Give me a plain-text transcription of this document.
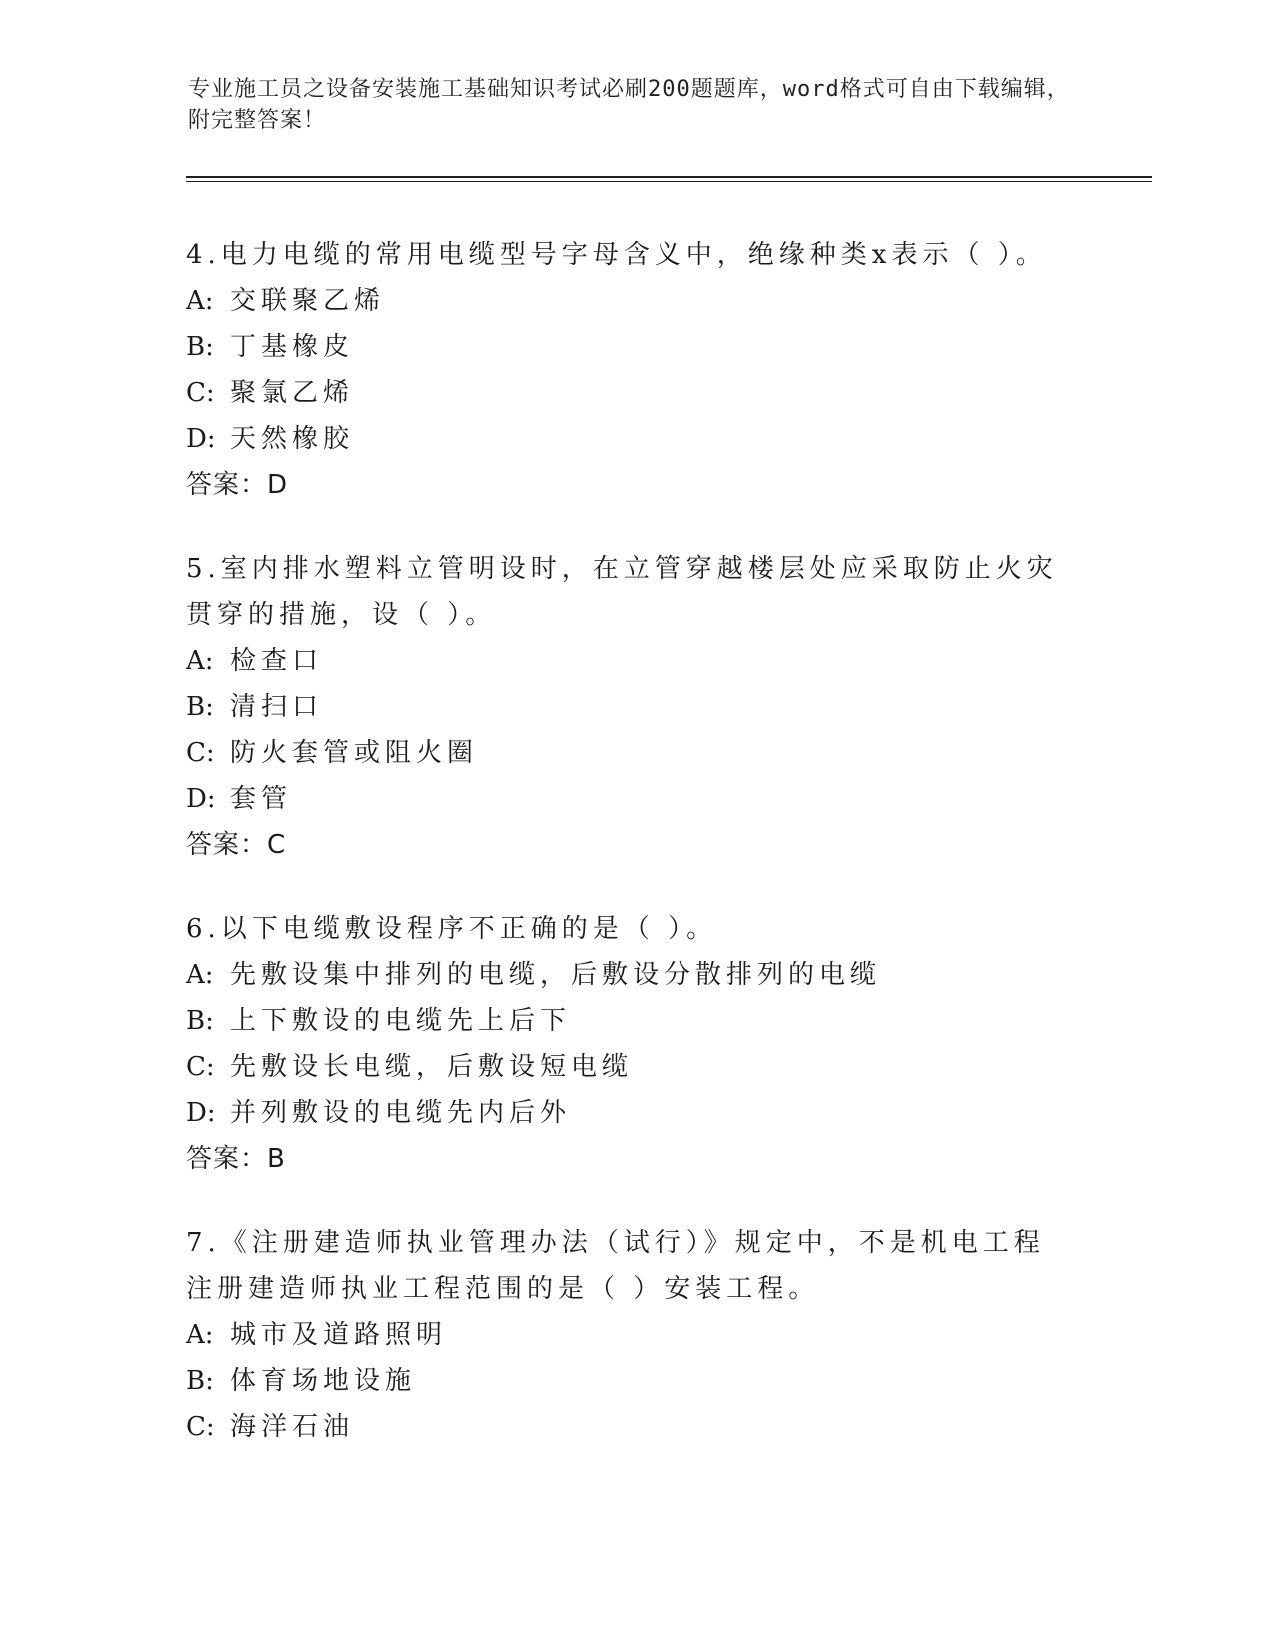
专业施工员之设备安装施工基础知识考试必刷200题题库，word格式可自由下载编辑，附完整答案！
4.电力电缆的常用电缆型号字母含义中，绝缘种类x表示（ ）。
A: 交联聚乙烯
B: 丁基橡皮
C: 聚氯乙烯
D: 天然橡胶
答案：D
5.室内排水塑料立管明设时，在立管穿越楼层处应采取防止火灾贯穿的措施，设（ ）。
A: 检查口
B: 清扫口
C: 防火套管或阻火圈
D: 套管
答案：C
6.以下电缆敷设程序不正确的是（ ）。
A: 先敷设集中排列的电缆，后敷设分散排列的电缆
B: 上下敷设的电缆先上后下
C: 先敷设长电缆，后敷设短电缆
D: 并列敷设的电缆先内后外
答案：B
7.《注册建造师执业管理办法（试行）》规定中，不是机电工程注册建造师执业工程范围的是（ ）安装工程。
A: 城市及道路照明
B: 体育场地设施
C: 海洋石油
